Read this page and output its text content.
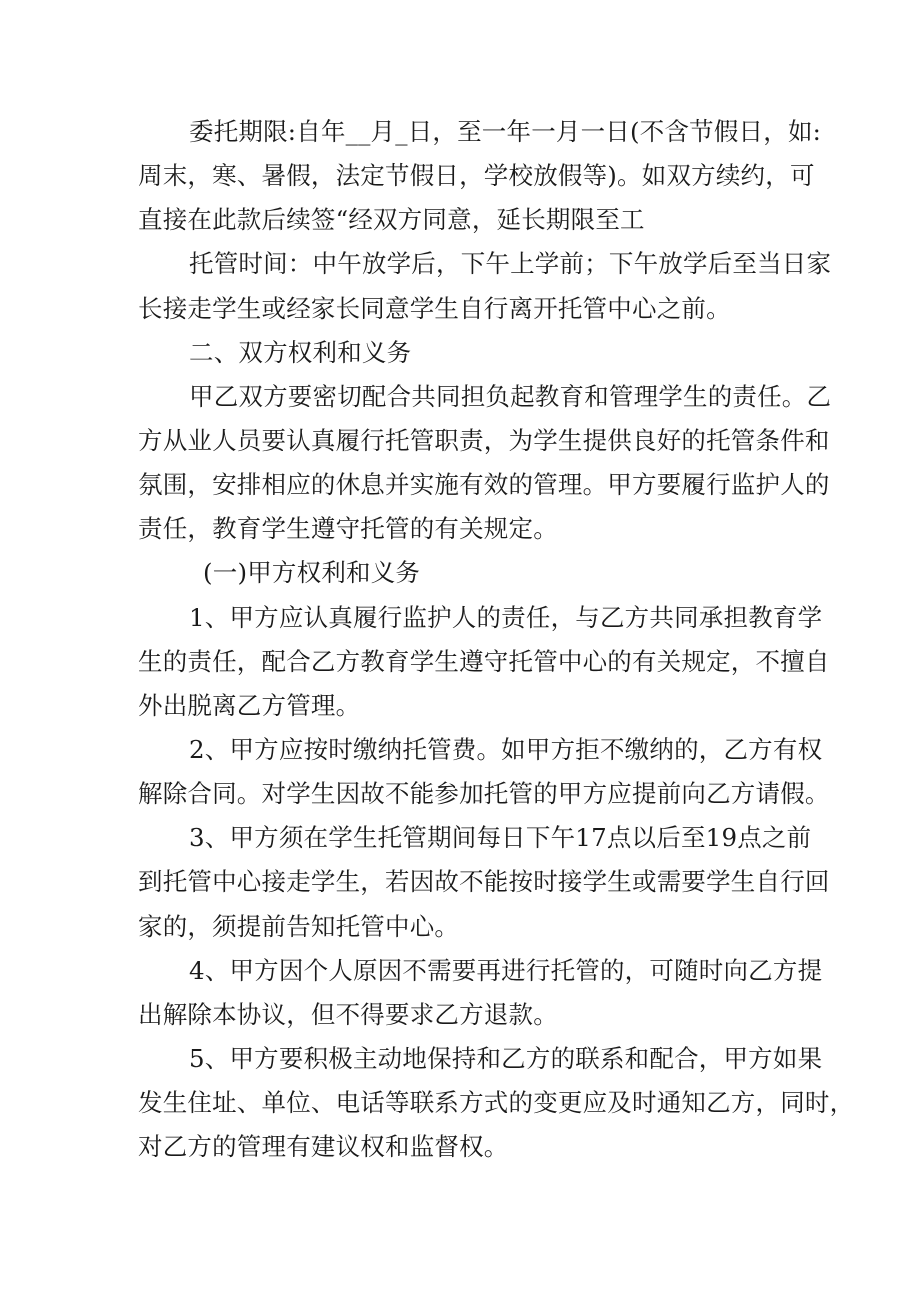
委托期限:自年__月_日，至一年一月一日(不含节假日，如:
周末，寒、暑假，法定节假日，学校放假等)。如双方续约，可
直接在此款后续签“经双方同意，延长期限至工
托管时间：中午放学后，下午上学前；下午放学后至当日家
长接走学生或经家长同意学生自行离开托管中心之前。
二、双方权利和义务
甲乙双方要密切配合共同担负起教育和管理学生的责任。乙
方从业人员要认真履行托管职责，为学生提供良好的托管条件和
氛围，安排相应的休息并实施有效的管理。甲方要履行监护人的
责任，教育学生遵守托管的有关规定。
(一)甲方权利和义务
1、甲方应认真履行监护人的责任，与乙方共同承担教育学
生的责任，配合乙方教育学生遵守托管中心的有关规定，不擅自
外出脱离乙方管理。
2、甲方应按时缴纳托管费。如甲方拒不缴纳的，乙方有权
解除合同。对学生因故不能参加托管的甲方应提前向乙方请假。
3、甲方须在学生托管期间每日下午17点以后至19点之前
到托管中心接走学生，若因故不能按时接学生或需要学生自行回
家的，须提前告知托管中心。
4、甲方因个人原因不需要再进行托管的，可随时向乙方提
出解除本协议，但不得要求乙方退款。
5、甲方要积极主动地保持和乙方的联系和配合，甲方如果
发生住址、单位、电话等联系方式的变更应及时通知乙方，同时，
对乙方的管理有建议权和监督权。
